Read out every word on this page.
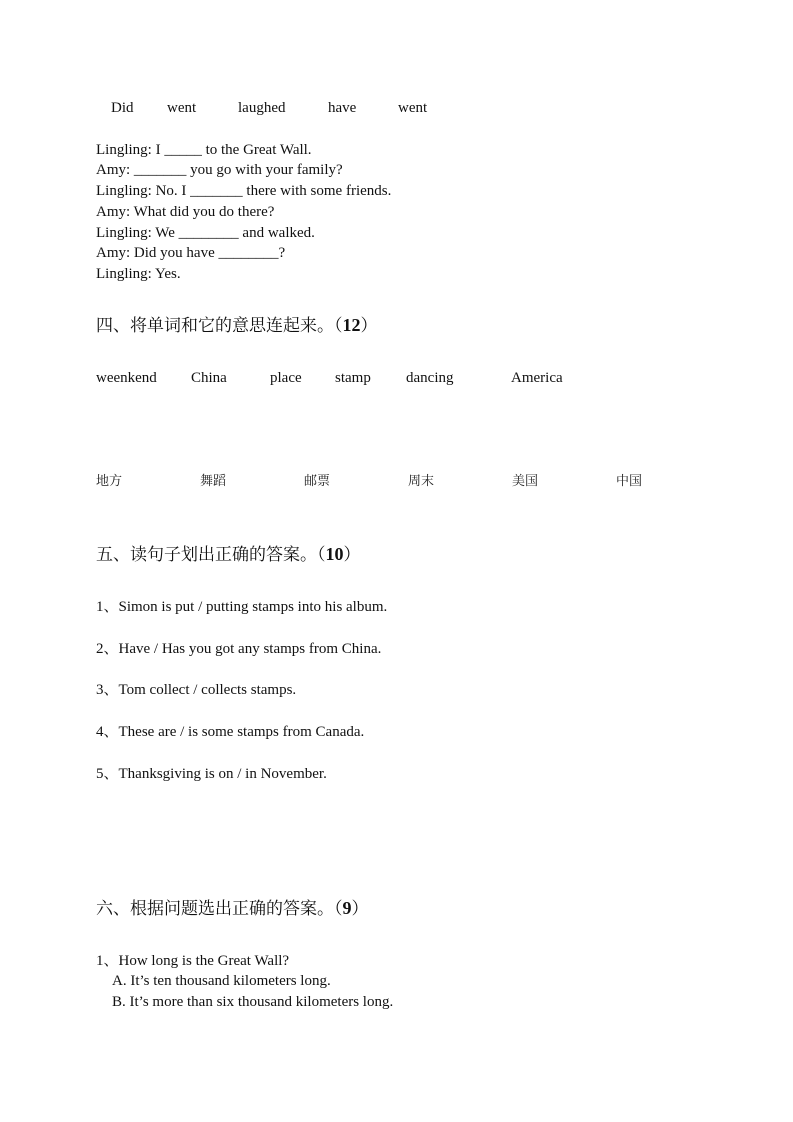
Did went	laughed	have	went
Lingling: I _____ to the Great Wall.
Amy: _______ you go with your family?
Lingling: No. I _______ there with some friends.
Amy: What did you do there?
Lingling: We ________ and walked.
Amy: Did you have ________?
Lingling: Yes.
四、将单词和它的意思连起来。（12）
weenkend China	place stamp dancing	America
地方	舞蹈	邮票	周末	美国	中国
五、读句子划出正确的答案。（10）
1、Simon is put / putting stamps into his album.
2、Have / Has you got any stamps from China.
3、Tom collect / collects stamps.
4、These are / is some stamps from Canada.
5、Thanksgiving is on / in November.
六、根据问题选出正确的答案。（9）
1、How long is the Great Wall?
A. It’s ten thousand kilometers long.
B. It’s more than six thousand kilometers long.
